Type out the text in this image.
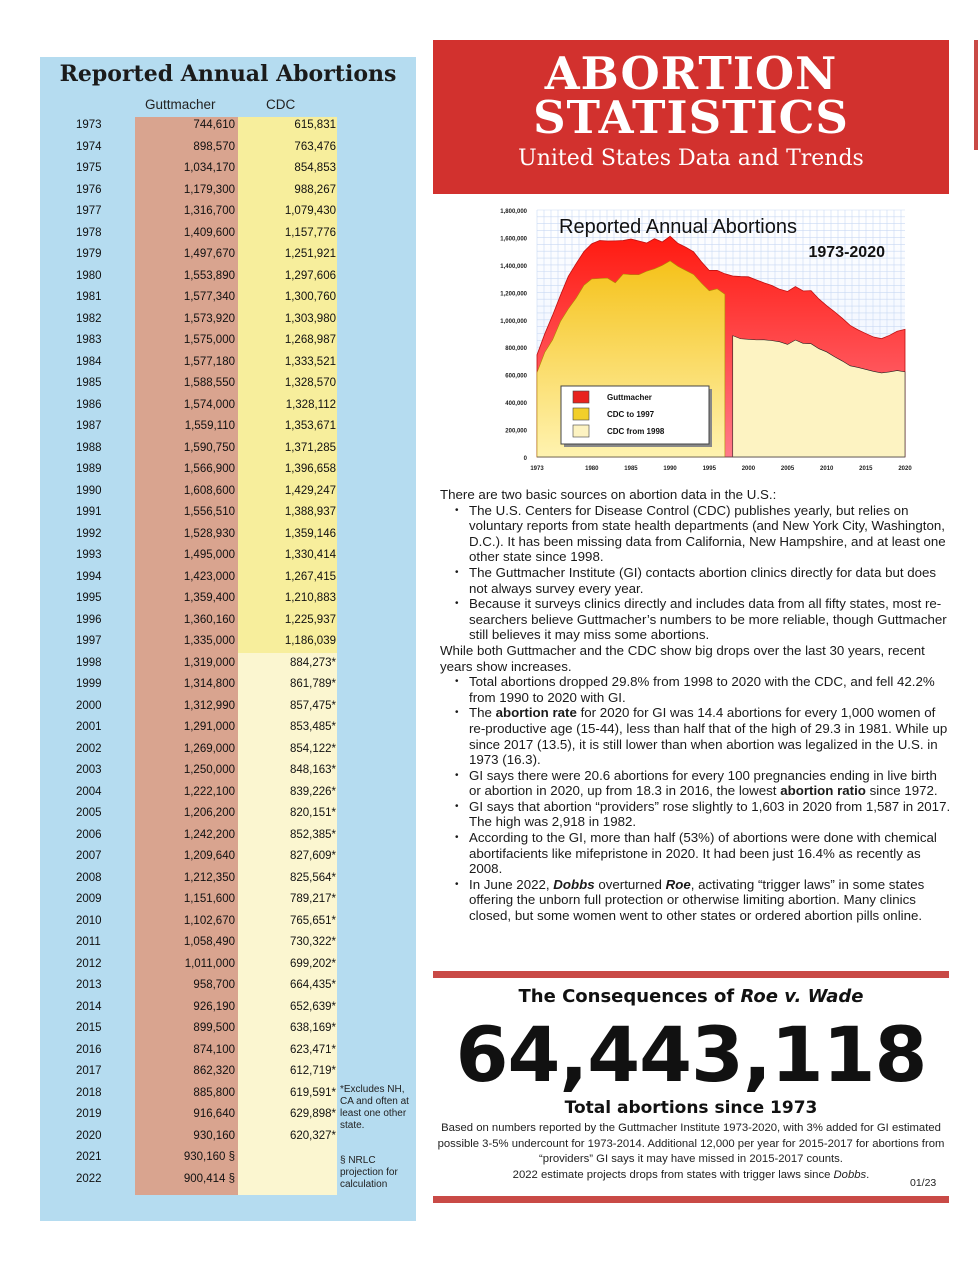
Reported Annual Abortions
Guttmacher	CDC
1973	744,610	615,831
1974	898,570	763,476
1975	1,034,170	854,853
1976	1,179,300	988,267
1977	1,316,700	1,079,430
1978	1,409,600	1,157,776
1979	1,497,670	1,251,921
1980	1,553,890	1,297,606
1981	1,577,340	1,300,760
1982	1,573,920	1,303,980
1983	1,575,000	1,268,987
1984	1,577,180	1,333,521
1985	1,588,550	1,328,570
1986	1,574,000	1,328,112
1987	1,559,110	1,353,671
1988	1,590,750	1,371,285
1989	1,566,900	1,396,658
1990	1,608,600	1,429,247
1991	1,556,510	1,388,937
1992	1,528,930	1,359,146
1993	1,495,000	1,330,414
1994	1,423,000	1,267,415
1995	1,359,400	1,210,883
1996	1,360,160	1,225,937
1997	1,335,000	1,186,039
1998	1,319,000	884,273*
1999	1,314,800	861,789*
2000	1,312,990	857,475*
2001	1,291,000	853,485*
2002	1,269,000	854,122*
2003	1,250,000	848,163*
2004	1,222,100	839,226*
2005	1,206,200	820,151*
2006	1,242,200	852,385*
2007	1,209,640	827,609*
2008	1,212,350	825,564*
2009	1,151,600	789,217*
2010	1,102,670	765,651*
2011	1,058,490	730,322*
2012	1,011,000	699,202*
2013	958,700	664,435*
2014	926,190	652,639*
2015	899,500	638,169*
2016	874,100	623,471*
2017	862,320	612,719*
2018	885,800	619,591*
2019	916,640	629,898*
2020	930,160	620,327*
2021	930,160 §
2022	900,414 §
*Excludes NH, CA and often at least one other state.
§ NRLC projection for calculation
ABORTION
STATISTICS
United States Data and Trends
0
200,000
400,000
600,000
800,000
1,000,000
1,200,000
1,400,000
1,600,000
1,800,000
1973	1980	1985	1990	1995	2000	2005	2010	2015	2020
Reported Annual Abortions
1973-2020
Guttmacher
CDC to 1997
CDC from 1998

There are two basic sources on abortion data in the U.S.:

• The U.S. Centers for Disease Control (CDC) publishes yearly, but relies on voluntary reports from state health departments (and New York City, Washington, D.C.). It has been missing data from California, New Hampshire, and at least one other state since 1998.
• The Guttmacher Institute (GI) contacts abortion clinics directly for data but does not always survey every year.
• Because it surveys clinics directly and includes data from all fifty states, most re-searchers believe Guttmacher’s numbers to be more reliable, though Guttmacher still believes it may miss some abortions.

While both Guttmacher and the CDC show big drops over the last 30 years, recent years show increases.

• Total abortions dropped 29.8% from 1998 to 2020 with the CDC, and fell 42.2% from 1990 to 2020 with GI.
• The abortion rate for 2020 for GI was 14.4 abortions for every 1,000 women of re-productive age (15-44), less than half that of the high of 29.3 in 1981. While up since 2017 (13.5), it is still lower than when abortion was legalized in the U.S. in 1973 (16.3).
• GI says there were 20.6 abortions for every 100 pregnancies ending in live birth or abortion in 2020, up from 18.3 in 2016, the lowest abortion ratio since 1972.
• GI says that abortion “providers” rose slightly to 1,603 in 2020 from 1,587 in 2017. The high was 2,918 in 1982.
• According to the GI, more than half (53%) of abortions were done with chemical abortifacients like mifepristone in 2020. It had been just 16.4% as recently as 2008.
• In June 2022, Dobbs overturned Roe, activating “trigger laws” in some states offering the unborn full protection or otherwise limiting abortion. Many clinics closed, but some women went to other states or ordered abortion pills online.
The Consequences of Roe v. Wade
64,443,118
Total abortions since 1973
Based on numbers reported by the Guttmacher Institute 1973-2020, with 3% added for GI estimated possible 3-5% undercount for 1973-2014. Additional 12,000 per year for 2015-2017 for abortions from “providers” GI says it may have missed in 2015-2017 counts.
2022 estimate projects drops from states with trigger laws since Dobbs.
01/23
